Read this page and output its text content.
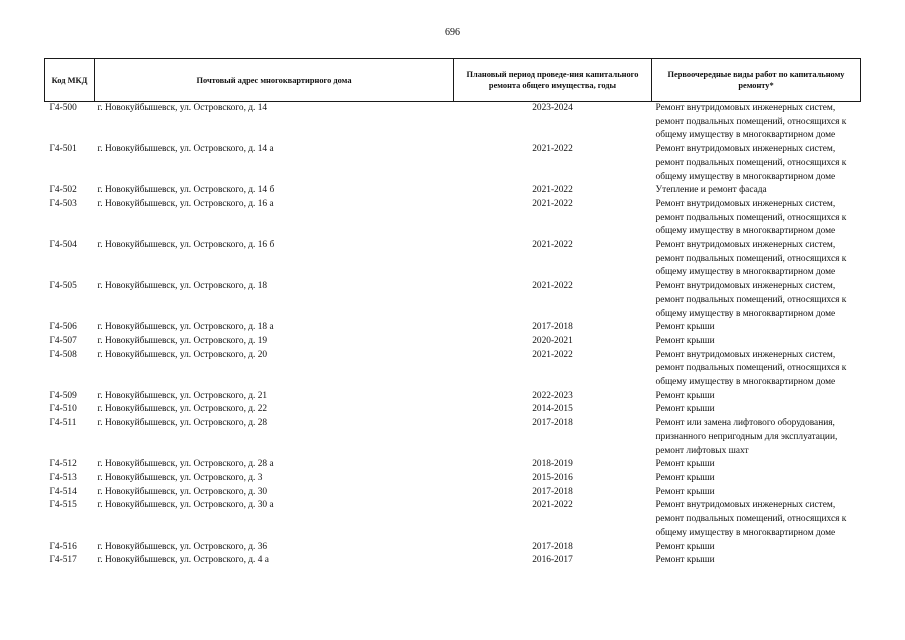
696
Код МКД	Почтовый адрес многоквартирного дома	Плановый период проведе-ния капитального ремонта общего имущества, годы	Первоочередные виды работ по капитальному ремонту*
Г4-500	г. Новокуйбышевск, ул. Островского, д. 14	2023-2024	Ремонт внутридомовых инженерных систем,
ремонт подвальных помещений, относящихся к
общему имуществу в многоквартирном доме

Г4-501	г. Новокуйбышевск, ул. Островского, д. 14 а	2021-2022	Ремонт внутридомовых инженерных систем,
ремонт подвальных помещений, относящихся к
общему имуществу в многоквартирном доме

Г4-502	г. Новокуйбышевск, ул. Островского, д. 14 б	2021-2022	Утепление и ремонт фасада

Г4-503	г. Новокуйбышевск, ул. Островского, д. 16 а	2021-2022	Ремонт внутридомовых инженерных систем,
ремонт подвальных помещений, относящихся к
общему имуществу в многоквартирном доме

Г4-504	г. Новокуйбышевск, ул. Островского, д. 16 б	2021-2022	Ремонт внутридомовых инженерных систем,
ремонт подвальных помещений, относящихся к
общему имуществу в многоквартирном доме

Г4-505	г. Новокуйбышевск, ул. Островского, д. 18	2021-2022	Ремонт внутридомовых инженерных систем,
ремонт подвальных помещений, относящихся к
общему имуществу в многоквартирном доме

Г4-506	г. Новокуйбышевск, ул. Островского, д. 18 а	2017-2018	Ремонт крыши

Г4-507	г. Новокуйбышевск, ул. Островского, д. 19	2020-2021	Ремонт крыши

Г4-508	г. Новокуйбышевск, ул. Островского, д. 20	2021-2022	Ремонт внутридомовых инженерных систем,
ремонт подвальных помещений, относящихся к
общему имуществу в многоквартирном доме

Г4-509	г. Новокуйбышевск, ул. Островского, д. 21	2022-2023	Ремонт крыши

Г4-510	г. Новокуйбышевск, ул. Островского, д. 22	2014-2015	Ремонт крыши

Г4-511	г. Новокуйбышевск, ул. Островского, д. 28	2017-2018	Ремонт или замена лифтового оборудования,
признанного непригодным для эксплуатации,
ремонт лифтовых шахт

Г4-512	г. Новокуйбышевск, ул. Островского, д. 28 а	2018-2019	Ремонт крыши

Г4-513	г. Новокуйбышевск, ул. Островского, д. 3	2015-2016	Ремонт крыши

Г4-514	г. Новокуйбышевск, ул. Островского, д. 30	2017-2018	Ремонт крыши

Г4-515	г. Новокуйбышевск, ул. Островского, д. 30 а	2021-2022	Ремонт внутридомовых инженерных систем,
ремонт подвальных помещений, относящихся к
общему имуществу в многоквартирном доме

Г4-516	г. Новокуйбышевск, ул. Островского, д. 36	2017-2018	Ремонт крыши

Г4-517	г. Новокуйбышевск, ул. Островского, д. 4 а	2016-2017	Ремонт крыши
